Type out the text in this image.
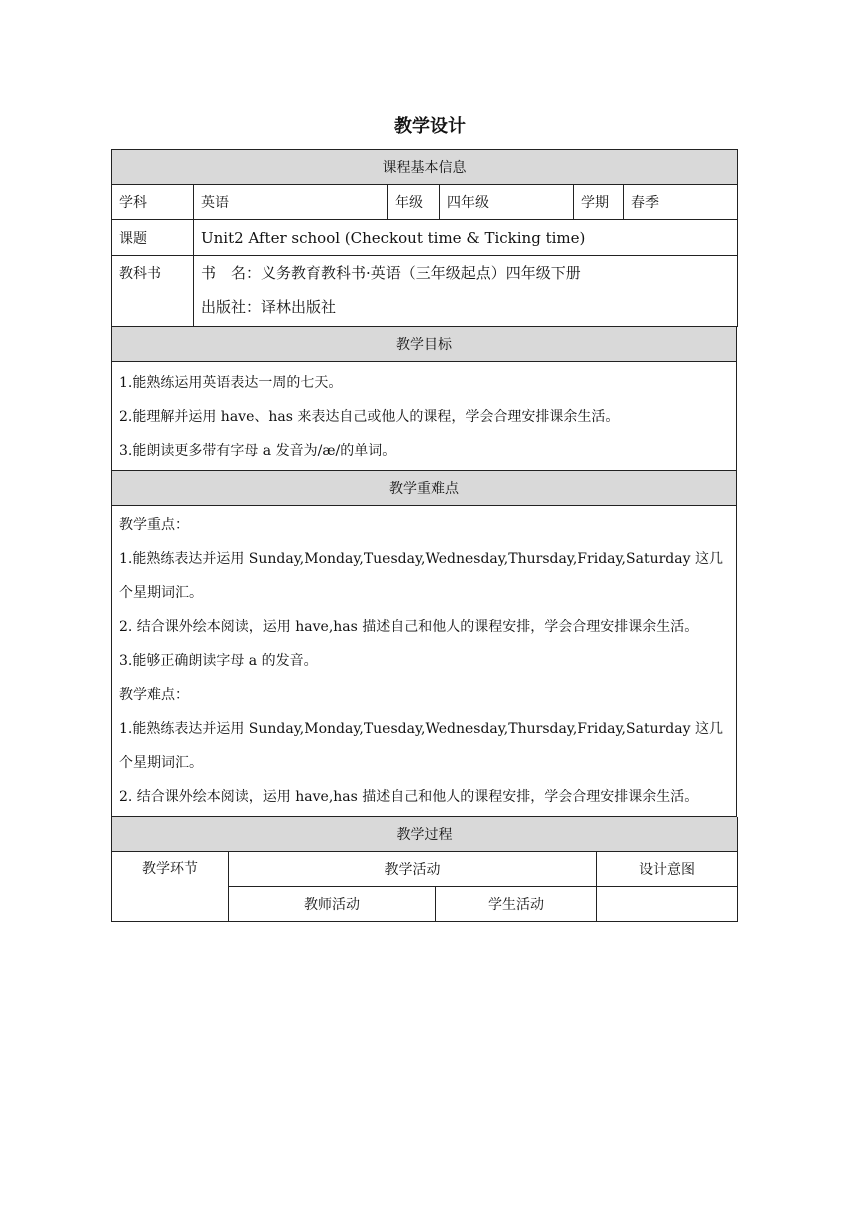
教学设计
课程基本信息					
学科	英语	年级	四年级	学期	春季
课题	Unit2 After school (Checkout time & Ticking time)				
教科书	书　名：义务教育教科书·英语（三年级起点）四年级下册
出版社：译林出版社				
教学目标

1.能熟练运用英语表达一周的七天。
2.能理解并运用 have、has 来表达自己或他人的课程，学会合理安排课余生活。
3.能朗读更多带有字母 a 发音为/æ/的单词。
教学重难点

教学重点：
1.能熟练表达并运用 Sunday,Monday,Tuesday,Wednesday,Thursday,Friday,Saturday 这几个星期词汇。
2. 结合课外绘本阅读，运用 have,has 描述自己和他人的课程安排，学会合理安排课余生活。
3.能够正确朗读字母 a 的发音。
教学难点：
1.能熟练表达并运用 Sunday,Monday,Tuesday,Wednesday,Thursday,Friday,Saturday 这几个星期词汇。
2. 结合课外绘本阅读，运用 have,has 描述自己和他人的课程安排，学会合理安排课余生活。
教学过程			
教学环节	教学活动		设计意图
	教师活动	学生活动	
